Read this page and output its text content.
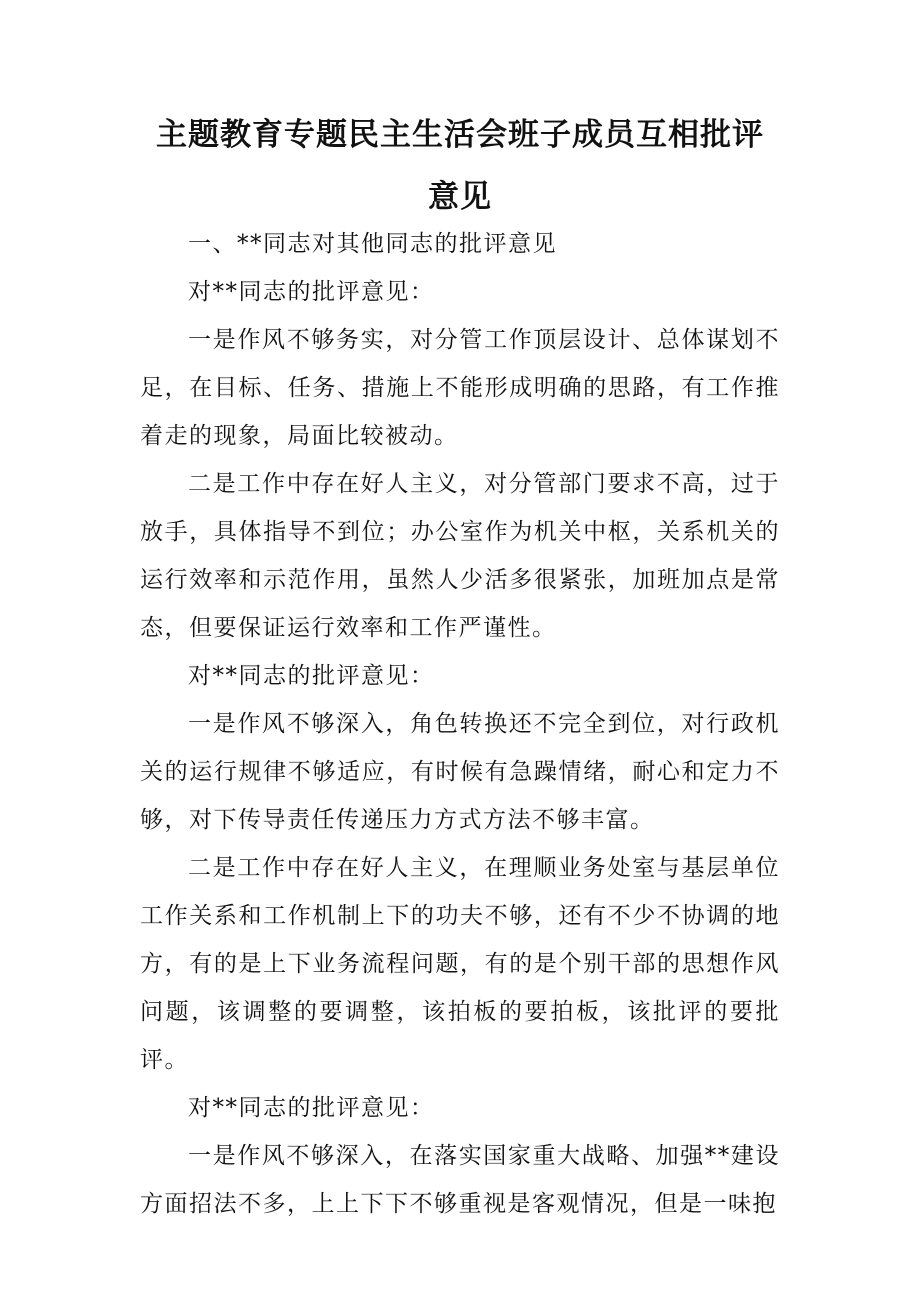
主题教育专题民主生活会班子成员互相批评
意见

一、**同志对其他同志的批评意见

对**同志的批评意见：

一是作风不够务实，对分管工作顶层设计、总体谋划不足，在目标、任务、措施上不能形成明确的思路，有工作推着走的现象，局面比较被动。

二是工作中存在好人主义，对分管部门要求不高，过于放手，具体指导不到位；办公室作为机关中枢，关系机关的运行效率和示范作用，虽然人少活多很紧张，加班加点是常态，但要保证运行效率和工作严谨性。

对**同志的批评意见：

一是作风不够深入，角色转换还不完全到位，对行政机关的运行规律不够适应，有时候有急躁情绪，耐心和定力不够，对下传导责任传递压力方式方法不够丰富。

二是工作中存在好人主义，在理顺业务处室与基层单位工作关系和工作机制上下的功夫不够，还有不少不协调的地方，有的是上下业务流程问题，有的是个别干部的思想作风问题，该调整的要调整，该拍板的要拍板，该批评的要批评。

对**同志的批评意见：

一是作风不够深入，在落实国家重大战略、加强**建设方面招法不多，上上下下不够重视是客观情况，但是一味抱
